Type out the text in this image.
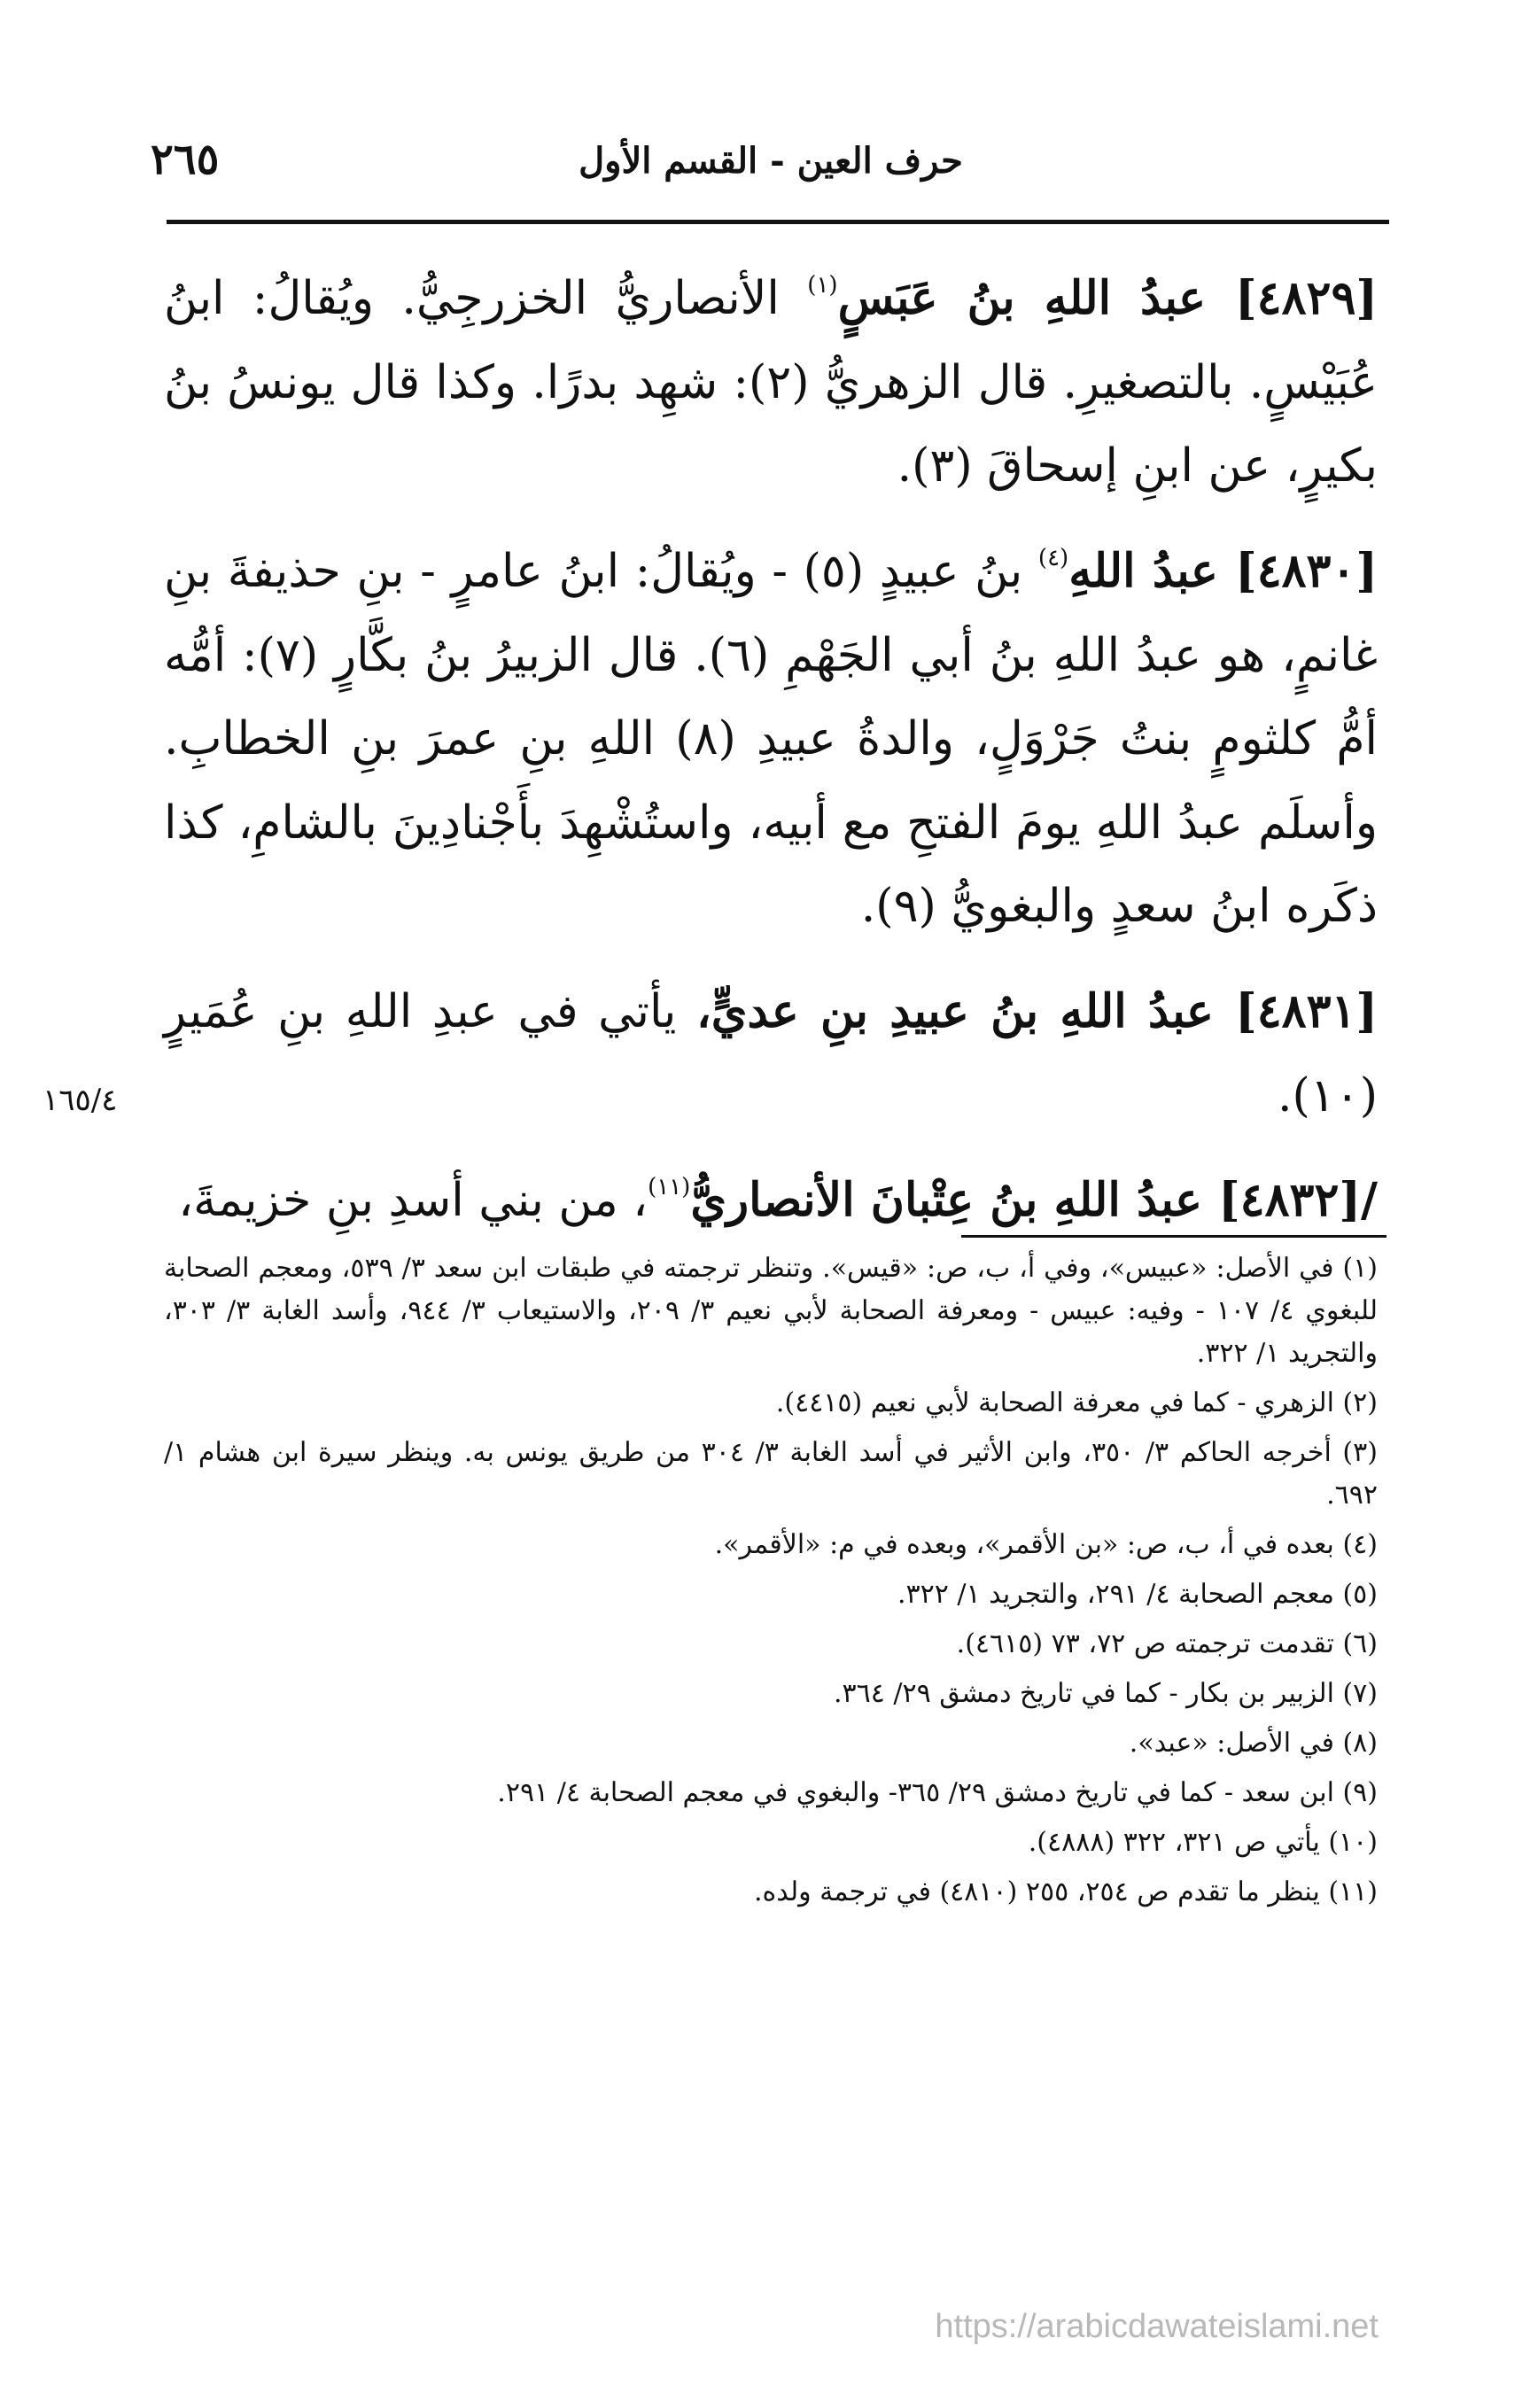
٢٦٥	حرف العين - القسم الأول

[٤٨٢٩] عبدُ اللهِ بنُ عَبَسٍ$^{(١)}$ الأنصاريُّ الخزرجِيُّ. ويُقالُ: ابنُ عُبَيْسٍ. بالتصغيرِ. قال الزهريُّ (٢): شهِد بدرًا. وكذا قال يونسُ بنُ بكيرٍ، عن ابنِ إسحاقَ (٣).

[٤٨٣٠] عبدُ اللهِ$^{(٤)}$ بنُ عبيدٍ (٥) - ويُقالُ: ابنُ عامرٍ - بنِ حذيفةَ بنِ غانمٍ، هو عبدُ اللهِ بنُ أبي الجَهْمِ (٦). قال الزبيرُ بنُ بكَّارٍ (٧): أمُّه أمُّ كلثومٍ بنتُ جَرْوَلٍ، والدةُ عبيدِ (٨) اللهِ بنِ عمرَ بنِ الخطابِ. وأسلَم عبدُ اللهِ يومَ الفتحِ مع أبيه، واستُشْهِدَ بأَجْنادِينَ بالشامِ، كذا ذكَره ابنُ سعدٍ والبغويُّ (٩).

[٤٨٣١] عبدُ اللهِ بنُ عبيدِ بنِ عديٍّ، يأتي في عبدِ اللهِ بنِ عُمَيرٍ (١٠).

/[٤٨٣٢] عبدُ اللهِ بنُ عِتْبانَ الأنصاريُّ$^{(١١)}$، من بني أسدِ بنِ خزيمةَ،

١٦٥/٤

(١) في الأصل: «عبيس»، وفي أ، ب، ص: «قيس». وتنظر ترجمته في طبقات ابن سعد ٣/ ٥٣٩، ومعجم الصحابة للبغوي ٤/ ١٠٧ - وفيه: عبيس - ومعرفة الصحابة لأبي نعيم ٣/ ٢٠٩، والاستيعاب ٣/ ٩٤٤، وأسد الغابة ٣/ ٣٠٣، والتجريد ١/ ٣٢٢.

(٢) الزهري - كما في معرفة الصحابة لأبي نعيم (٤٤١٥).

(٣) أخرجه الحاكم ٣/ ٣٥٠، وابن الأثير في أسد الغابة ٣/ ٣٠٤ من طريق يونس به. وينظر سيرة ابن هشام ١/ ٦٩٢.

(٤) بعده في أ، ب، ص: «بن الأقمر»، وبعده في م: «الأقمر».

(٥) معجم الصحابة ٤/ ٢٩١، والتجريد ١/ ٣٢٢.

(٦) تقدمت ترجمته ص ٧٢، ٧٣ (٤٦١٥).

(٧) الزبير بن بكار - كما في تاريخ دمشق ٢٩/ ٣٦٤.

(٨) في الأصل: «عبد».

(٩) ابن سعد - كما في تاريخ دمشق ٢٩/ ٣٦٥- والبغوي في معجم الصحابة ٤/ ٢٩١.

(١٠) يأتي ص ٣٢١، ٣٢٢ (٤٨٨٨).

(١١) ينظر ما تقدم ص ٢٥٤، ٢٥٥ (٤٨١٠) في ترجمة ولده.

https://arabicdawateislami.net
